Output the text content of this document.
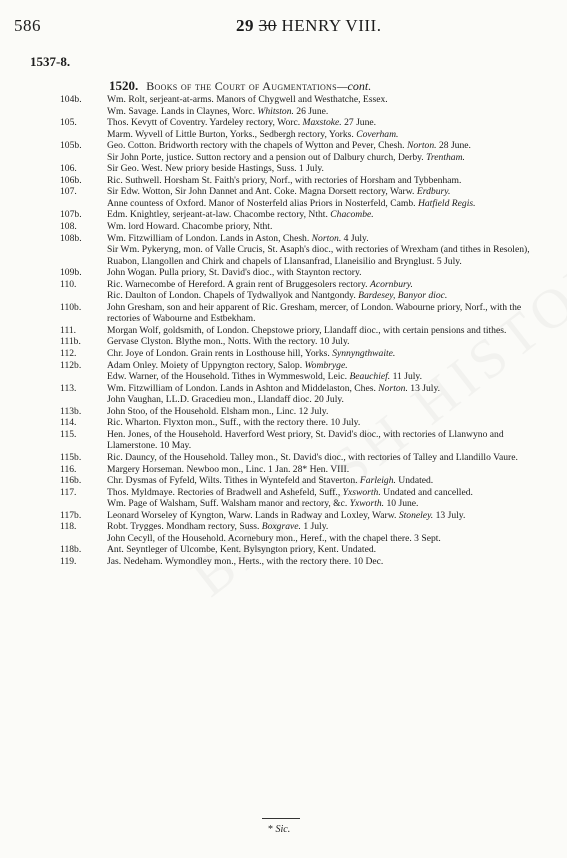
586	29 30 HENRY VIII.
1537-8.
1520. Books of the Court of Augmentations—cont.
104b.	Wm. Rolt, serjeant-at-arms. Manors of Chygwell and Westhatche, Essex.
Wm. Savage. Lands in Claynes, Worc. Whitston. 26 June.
105.	Thos. Kevytt of Coventry. Yardeley rectory, Worc. Maxstoke. 27 June.
Marm. Wyvell of Little Burton, Yorks., Sedbergh rectory, Yorks. Coverham.
105b.	Geo. Cotton. Bridworth rectory with the chapels of Wytton and Pever, Chesh. Norton. 28 June.
Sir John Porte, justice. Sutton rectory and a pension out of Dalbury church, Derby. Trentham.
106.	Sir Geo. West. New priory beside Hastings, Suss. 1 July.
106b.	Ric. Suthwell. Horsham St. Faith's priory, Norf., with rectories of Horsham and Tybbenham.
107.	Sir Edw. Wotton, Sir John Dannet and Ant. Coke. Magna Dorsett rectory, Warw. Erdbury.
Anne countess of Oxford. Manor of Nosterfeld alias Priors in Nosterfeld, Camb. Hatfield Regis.
107b.	Edm. Knightley, serjeant-at-law. Chacombe rectory, Ntht. Chacombe.
108.	Wm. lord Howard. Chacombe priory, Ntht.
108b.	Wm. Fitzwilliam of London. Lands in Aston, Chesh. Norton. 4 July.
Sir Wm. Pykeryng, mon. of Valle Crucis, St. Asaph's dioc., with rectories of Wrexham (and tithes in Resolen), Ruabon, Llangollen and Chirk and chapels of Llansanfrad, Llaneisilio and Brynglust. 5 July.
109b.	John Wogan. Pulla priory, St. David's dioc., with Staynton rectory.
110.	Ric. Warnecombe of Hereford. A grain rent of Bruggesolers rectory. Acornbury.
Ric. Daulton of London. Chapels of Tydwallyok and Nantgondy. Bardesey, Banyor dioc.
110b.	John Gresham, son and heir apparent of Ric. Gresham, mercer, of London. Wabourne priory, Norf., with the rectories of Wabourne and Estbekham.
111.	Morgan Wolf, goldsmith, of London. Chepstowe priory, Llandaff dioc., with certain pensions and tithes.
111b.	Gervase Clyston. Blythe mon., Notts. With the rectory. 10 July.
112.	Chr. Joye of London. Grain rents in Losthouse hill, Yorks. Synnyngthwaite.
112b.	Adam Onley. Moiety of Uppyngton rectory, Salop. Wombryge.
Edw. Warner, of the Household. Tithes in Wymmeswold, Leic. Beauchief. 11 July.
113.	Wm. Fitzwilliam of London. Lands in Ashton and Middelaston, Ches. Norton. 13 July.
John Vaughan, LL.D. Gracedieu mon., Llandaff dioc. 20 July.
113b.	John Stoo, of the Household. Elsham mon., Linc. 12 July.
114.	Ric. Wharton. Flyxton mon., Suff., with the rectory there. 10 July.
115.	Hen. Jones, of the Household. Haverford West priory, St. David's dioc., with rectories of Llanwyno and Llamerstone. 10 May.
115b.	Ric. Dauncy, of the Household. Talley mon., St. David's dioc., with rectories of Talley and Llandillo Vaure.
116.	Margery Horseman. Newboo mon., Linc. 1 Jan. 28* Hen. VIII.
116b.	Chr. Dysmas of Fyfeld, Wilts. Tithes in Wyntefeld and Staverton. Farleigh. Undated.
117.	Thos. Myldmaye. Rectories of Bradwell and Ashefeld, Suff., Yxsworth. Undated and cancelled.
Wm. Page of Walsham, Suff. Walsham manor and rectory, &c. Yxworth. 10 June.
117b.	Leonard Worseley of Kyngton, Warw. Lands in Radway and Loxley, Warw. Stoneley. 13 July.
118.	Robt. Trygges. Mondham rectory, Suss. Boxgrave. 1 July.
John Cecyll, of the Household. Acornebury mon., Heref., with the chapel there. 3 Sept.
118b.	Ant. Seyntleger of Ulcombe, Kent. Bylsyngton priory, Kent. Undated.
119.	Jas. Nedeham. Wymondley mon., Herts., with the rectory there. 10 Dec.
* Sic.
